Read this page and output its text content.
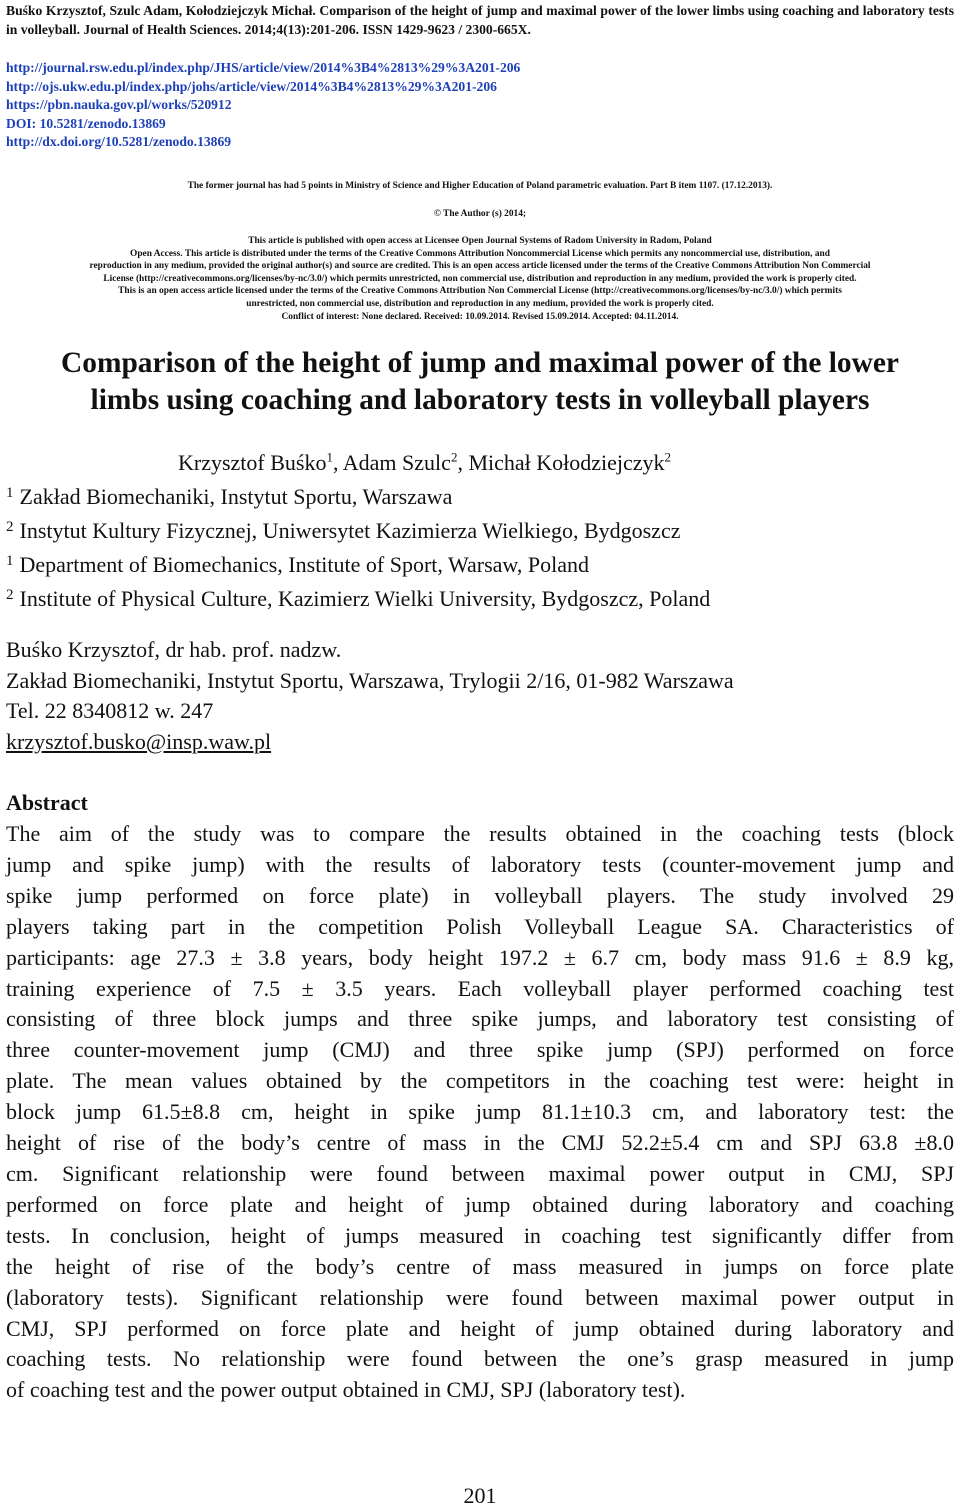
Buśko Krzysztof, Szulc Adam, Kołodziejczyk Michał. Comparison of the height of jump and maximal power of the lower limbs using coaching and laboratory tests in volleyball. Journal of Health Sciences. 2014;4(13):201-206. ISSN 1429-9623 / 2300-665X.
http://journal.rsw.edu.pl/index.php/JHS/article/view/2014%3B4%2813%29%3A201-206
http://ojs.ukw.edu.pl/index.php/johs/article/view/2014%3B4%2813%29%3A201-206
https://pbn.nauka.gov.pl/works/520912
DOI: 10.5281/zenodo.13869
http://dx.doi.org/10.5281/zenodo.13869
The former journal has had 5 points in Ministry of Science and Higher Education of Poland parametric evaluation. Part B item 1107. (17.12.2013).
© The Author (s) 2014;
This article is published with open access at Licensee Open Journal Systems of Radom University in Radom, Poland
Open Access. This article is distributed under the terms of the Creative Commons Attribution Noncommercial License which permits any noncommercial use, distribution, and
reproduction in any medium, provided the original author(s) and source are credited. This is an open access article licensed under the terms of the Creative Commons Attribution Non Commercial
License (http://creativecommons.org/licenses/by-nc/3.0/) which permits unrestricted, non commercial use, distribution and reproduction in any medium, provided the work is properly cited.
This is an open access article licensed under the terms of the Creative Commons Attribution Non Commercial License (http://creativecommons.org/licenses/by-nc/3.0/) which permits
unrestricted, non commercial use, distribution and reproduction in any medium, provided the work is properly cited.
Conflict of interest: None declared. Received: 10.09.2014. Revised 15.09.2014. Accepted: 04.11.2014.
Comparison of the height of jump and maximal power of the lower
limbs using coaching and laboratory tests in volleyball players
Krzysztof Buśko$^1$, Adam Szulc$^2$, Michał Kołodziejczyk$^2$
$^1$ Zakład Biomechaniki, Instytut Sportu, Warszawa
$^2$ Instytut Kultury Fizycznej, Uniwersytet Kazimierza Wielkiego, Bydgoszcz
$^1$ Department of Biomechanics, Institute of Sport, Warsaw, Poland
$^2$ Institute of Physical Culture, Kazimierz Wielki University, Bydgoszcz, Poland
Buśko Krzysztof, dr hab. prof. nadzw.
Zakład Biomechaniki, Instytut Sportu, Warszawa, Trylogii 2/16, 01-982 Warszawa
Tel. 22 8340812 w. 247
krzysztof.busko@insp.waw.pl
Abstract
The aim of the study was to compare the results obtained in the coaching tests (block
jump and spike jump) with the results of laboratory tests (counter-movement jump and
spike jump performed on force plate) in volleyball players. The study involved 29
players taking part in the competition Polish Volleyball League SA. Characteristics of
participants: age 27.3 ± 3.8 years, body height 197.2 ± 6.7 cm, body mass 91.6 ± 8.9 kg,
training experience of 7.5 ± 3.5 years. Each volleyball player performed coaching test
consisting of three block jumps and three spike jumps, and laboratory test consisting of
three counter-movement jump (CMJ) and three spike jump (SPJ) performed on force
plate. The mean values obtained by the competitors in the coaching test were: height in
block jump 61.5±8.8 cm, height in spike jump 81.1±10.3 cm, and laboratory test: the
height of rise of the body’s centre of mass in the CMJ 52.2±5.4 cm and SPJ 63.8 ±8.0
cm. Significant relationship were found between maximal power output in CMJ, SPJ
performed on force plate and height of jump obtained during laboratory and coaching
tests. In conclusion, height of jumps measured in coaching test significantly differ from
the height of rise of the body’s centre of mass measured in jumps on force plate
(laboratory tests). Significant relationship were found between maximal power output in
CMJ, SPJ performed on force plate and height of jump obtained during laboratory and
coaching tests. No relationship were found between the one’s grasp measured in jump
of coaching test and the power output obtained in CMJ, SPJ (laboratory test).
201
